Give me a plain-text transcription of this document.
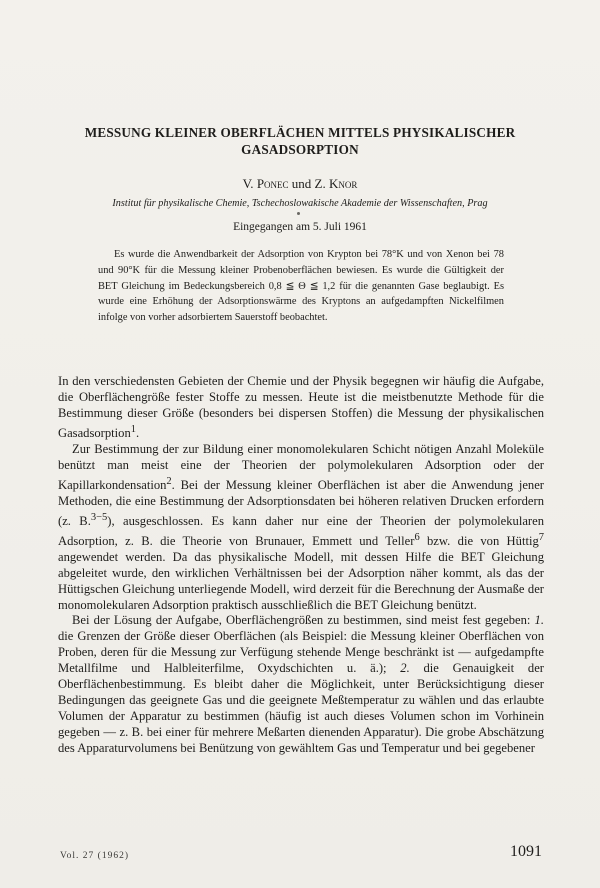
MESSUNG KLEINER OBERFLÄCHEN MITTELS PHYSIKALISCHER
GASADSORPTION
V. Ponec und Z. Knor
Institut für physikalische Chemie, Tschechoslowakische Akademie der Wissenschaften, Prag
Eingegangen am 5. Juli 1961

Es wurde die Anwendbarkeit der Adsorption von Krypton bei 78°K und von Xenon bei 78 und 90°K für die Messung kleiner Probenoberflächen bewiesen. Es wurde die Gültigkeit der BET Gleichung im Bedeckungsbereich 0,8 ≦ Θ ≦ 1,2 für die genannten Gase beglaubigt. Es wurde eine Erhöhung der Adsorptionswärme des Kryptons an aufgedampften Nickelfilmen infolge von vorher adsorbiertem Sauerstoff beobachtet.

In den verschiedensten Gebieten der Chemie und der Physik begegnen wir häufig die Aufgabe, die Oberflächengröße fester Stoffe zu messen. Heute ist die meistbenutzte Methode für die Bestimmung dieser Größe (besonders bei dispersen Stoffen) die Messung der physikalischen Gasadsorption$^1$.

Zur Bestimmung der zur Bildung einer monomolekularen Schicht nötigen Anzahl Moleküle benützt man meist eine der Theorien der polymolekularen Adsorption oder der Kapillarkondensation$^2$. Bei der Messung kleiner Oberflächen ist aber die Anwendung jener Methoden, die eine Bestimmung der Adsorptionsdaten bei höheren relativen Drucken erfordern (z. B.$^{3-5}$), ausgeschlossen. Es kann daher nur eine der Theorien der polymolekularen Adsorption, z. B. die Theorie von Brunauer, Emmett und Teller$^6$ bzw. die von Hüttig$^7$ angewendet werden. Da das physikalische Modell, mit dessen Hilfe die BET Gleichung abgeleitet wurde, den wirklichen Verhältnissen bei der Adsorption näher kommt, als das der Hüttigschen Gleichung unterliegende Modell, wird derzeit für die Berechnung der Ausmaße der monomolekularen Adsorption praktisch ausschließlich die BET Gleichung benützt.

Bei der Lösung der Aufgabe, Oberflächengrößen zu bestimmen, sind meist fest gegeben: 1. die Grenzen der Größe dieser Oberflächen (als Beispiel: die Messung kleiner Oberflächen von Proben, deren für die Messung zur Verfügung stehende Menge beschränkt ist — aufgedampfte Metallfilme und Halbleiterfilme, Oxydschichten u. ä.); 2. die Genauigkeit der Oberflächenbestimmung. Es bleibt daher die Möglichkeit, unter Berücksichtigung dieser Bedingungen das geeignete Gas und die geeignete Meßtemperatur zu wählen und das erlaubte Volumen der Apparatur zu bestimmen (häufig ist auch dieses Volumen schon im Vorhinein gegeben — z. B. bei einer für mehrere Meßarten dienenden Apparatur). Die grobe Abschätzung des Apparaturvolumens bei Benützung von gewähltem Gas und Temperatur und bei gegebener

Vol. 27 (1962)	1091
